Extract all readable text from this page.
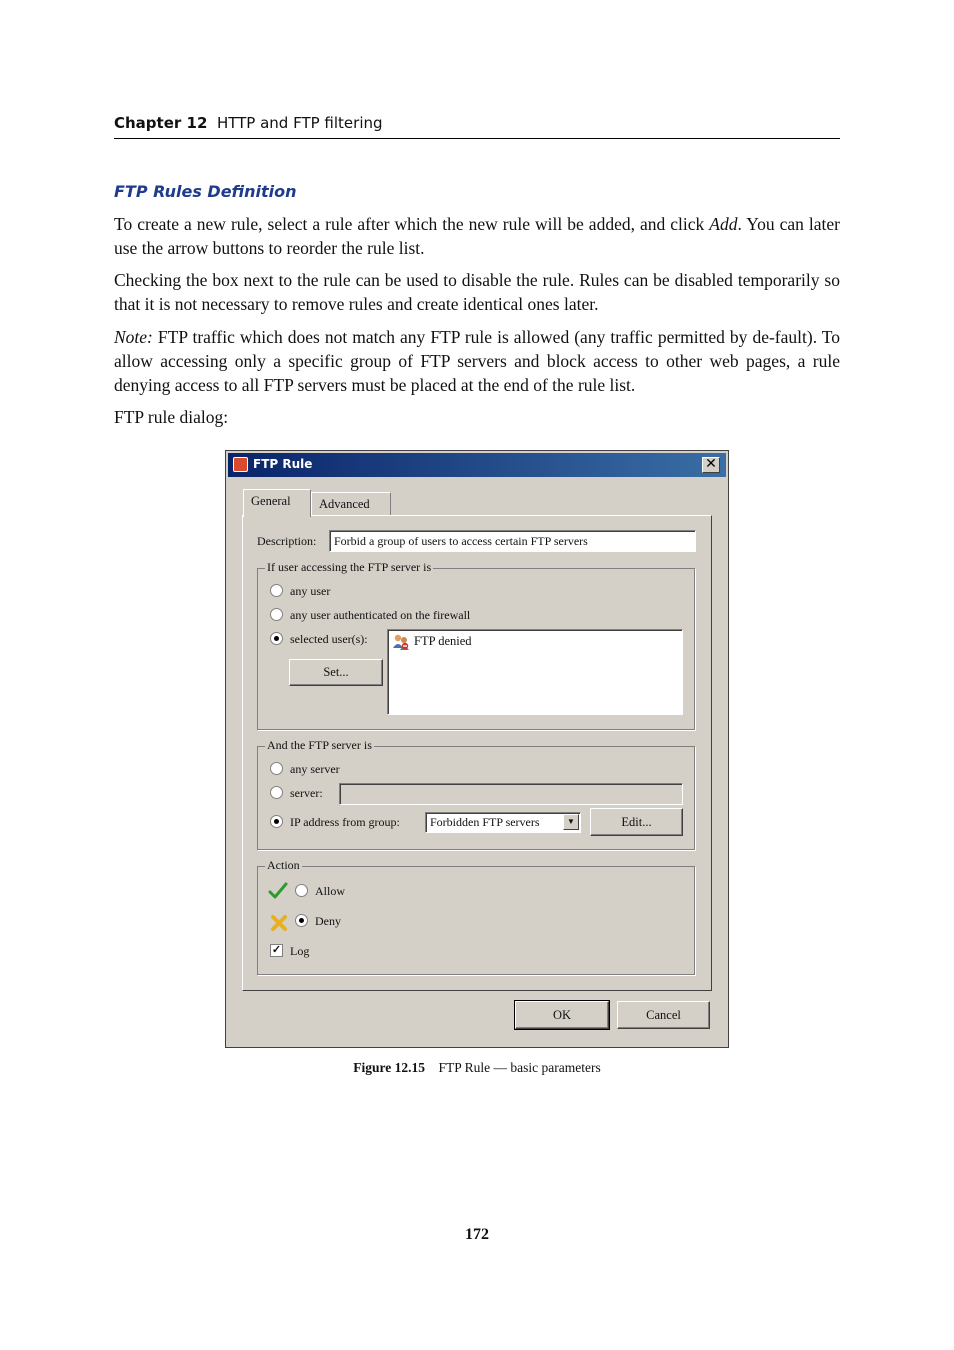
Chapter 12 HTTP and FTP filtering
FTP Rules Definition
To create a new rule, select a rule after which the new rule will be added, and click Add. You can later use the arrow buttons to reorder the rule list.
Checking the box next to the rule can be used to disable the rule. Rules can be disabled temporarily so that it is not necessary to remove rules and create identical ones later.
Note: FTP traffic which does not match any FTP rule is allowed (any traffic permitted by de-fault). To allow accessing only a specific group of FTP servers and block access to other web pages, a rule denying access to all FTP servers must be placed at the end of the rule list.
FTP rule dialog:
FTP Rule	✕
General	Advanced
Description:	Forbid a group of users to access certain FTP servers
If user accessing the FTP server is
any user
any user authenticated on the firewall
selected user(s):
Set...
FTP denied
And the FTP server is
any server
server:
IP address from group:	Forbidden FTP servers	▼	Edit...
Action
Allow
Deny
✓ Log
OK	Cancel
Figure 12.15 FTP Rule — basic parameters
172
